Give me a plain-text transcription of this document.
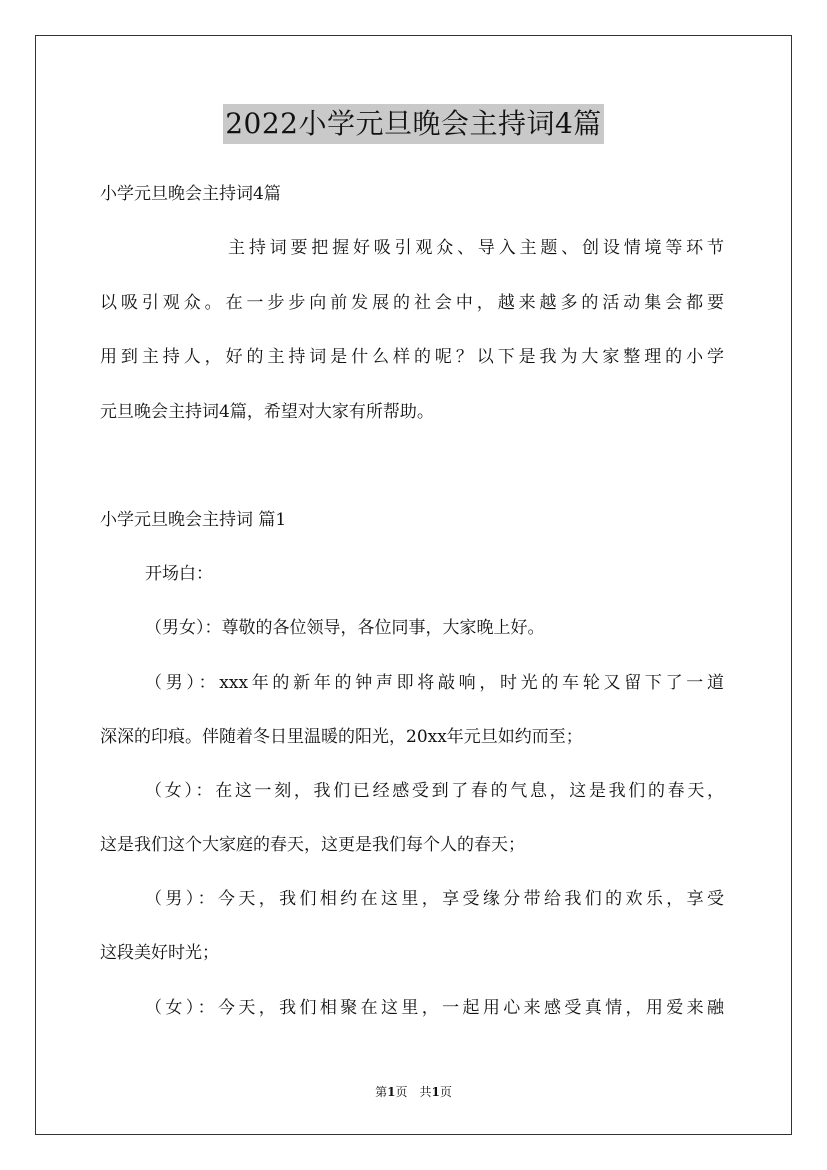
2022小学元旦晚会主持词4篇
小学元旦晚会主持词4篇
主持词要把握好吸引观众、导入主题、创设情境等环节
以吸引观众。在一步步向前发展的社会中，越来越多的活动集会都要
用到主持人，好的主持词是什么样的呢？以下是我为大家整理的小学
元旦晚会主持词4篇，希望对大家有所帮助。
小学元旦晚会主持词 篇1
开场白：
（男女）：尊敬的各位领导，各位同事，大家晚上好。
（男）：xxx年的新年的钟声即将敲响，时光的车轮又留下了一道
深深的印痕。伴随着冬日里温暖的阳光，20xx年元旦如约而至；
（女）：在这一刻，我们已经感受到了春的气息，这是我们的春天，
这是我们这个大家庭的春天，这更是我们每个人的春天；
（男）：今天，我们相约在这里，享受缘分带给我们的欢乐，享受
这段美好时光；
（女）：今天，我们相聚在这里，一起用心来感受真情，用爱来融
第1页　共1页
